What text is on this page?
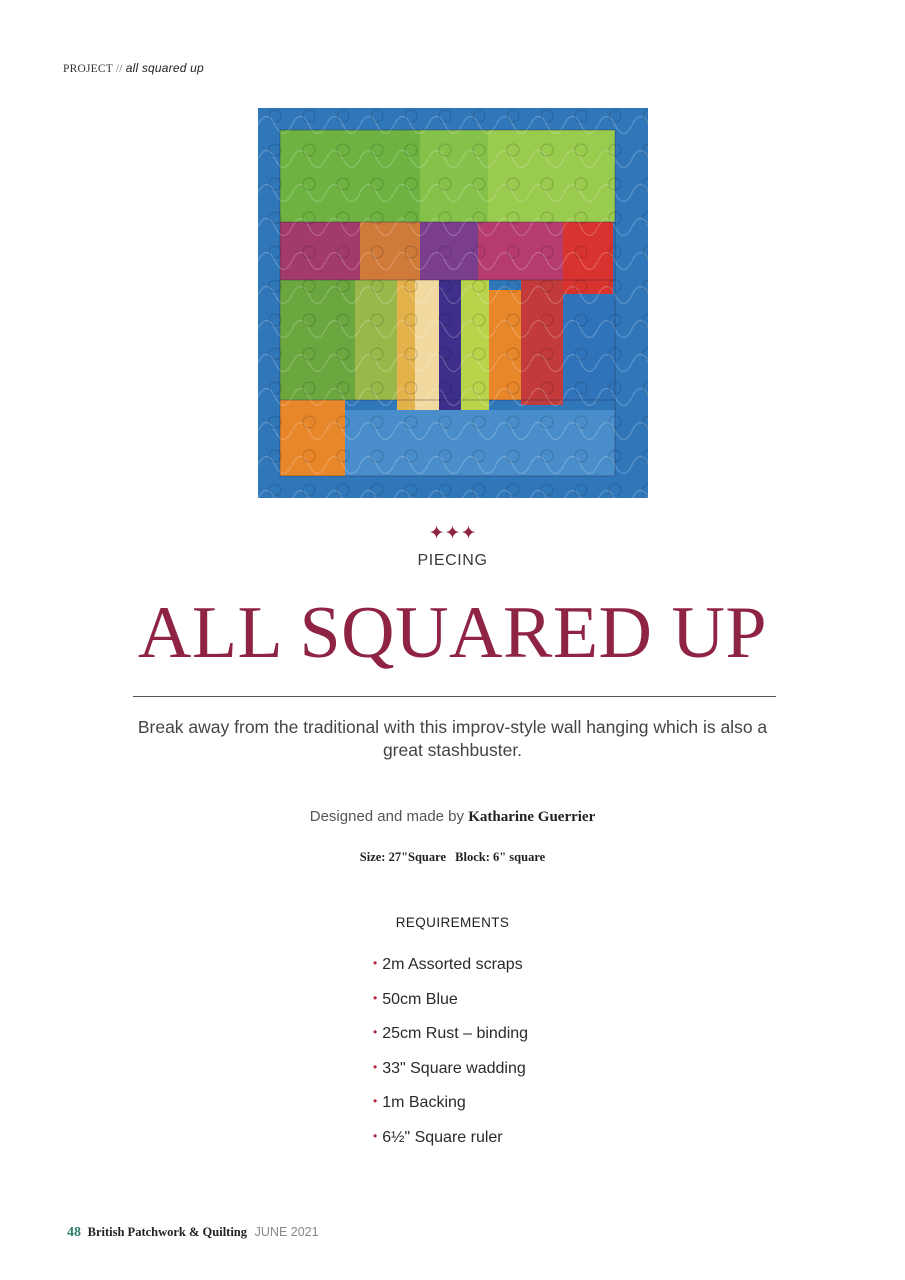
PROJECT // all squared up
✦✦✦
PIECING
ALL SQUARED UP
Break away from the traditional with this improv-style wall hanging which is also a great stashbuster.
Designed and made by Katharine Guerrier
Size: 27"Square Block: 6" square
REQUIREMENTS
• 2m Assorted scraps
• 50cm Blue
• 25cm Rust – binding
• 33" Square wadding
• 1m Backing
• 6½" Square ruler
48 British Patchwork & Quilting JUNE 2021
